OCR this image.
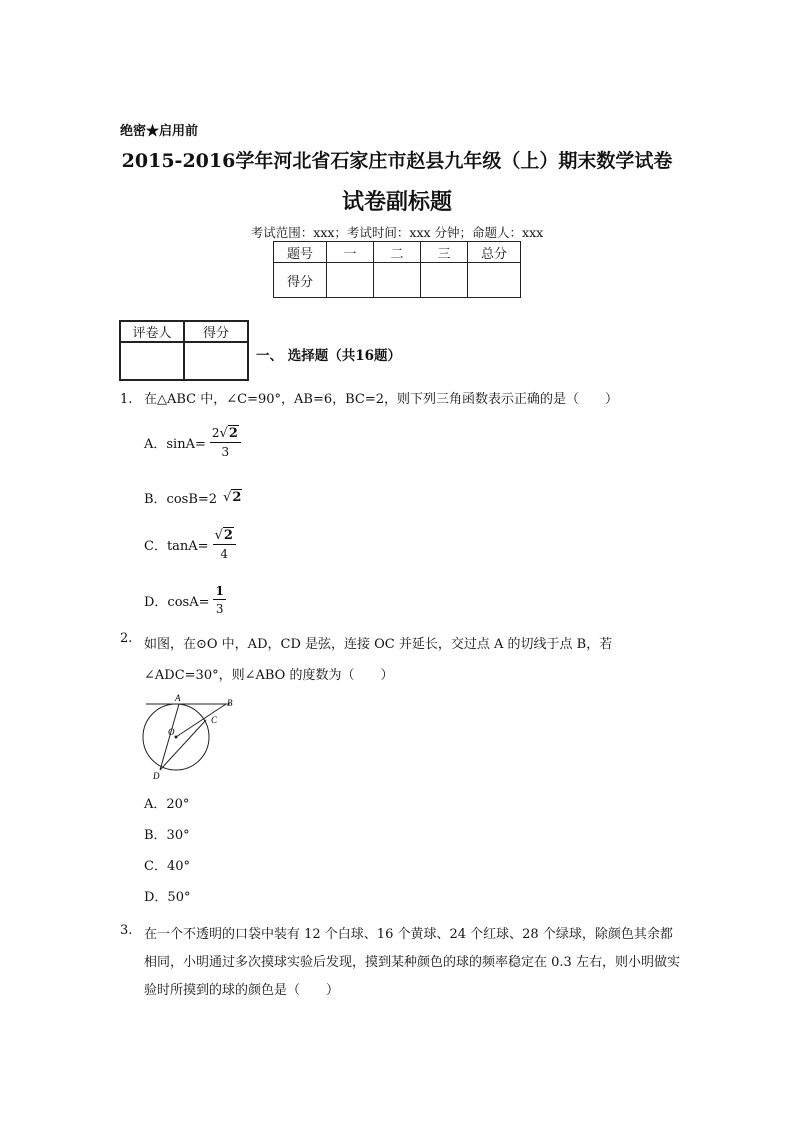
绝密★启用前
2015-2016学年河北省石家庄市赵县九年级（上）期末数学试卷
试卷副标题
考试范围：xxx；考试时间：xxx 分钟；命题人：xxx
题号	一	二	三	总分
得分				
评卷人	得分

一、 选择题（共16题）
1. 在△ABC 中，∠C=90°，AB=6，BC=2，则下列三角函数表示正确的是（　　）
A．$\sin A= \frac{2√2}{3}$
B．cosB=2 √2
C．$\tan A= \frac{√2}{4}$
D．$\cos A= \frac{1}{3}$
2. 如图，在⊙O 中，AD，CD 是弦，连接 OC 并延长，交过点 A 的切线于点 B，若∠ADC=30°，则∠ABO 的度数为（　　）
A	B
C
O
D
A．20°
B．30°
C．40°
D．50°
3. 在一个不透明的口袋中装有 12 个白球、16 个黄球、24 个红球、28 个绿球，除颜色其余都相同，小明通过多次摸球实验后发现，摸到某种颜色的球的频率稳定在 0.3 左右，则小明做实验时所摸到的球的颜色是（　　）
